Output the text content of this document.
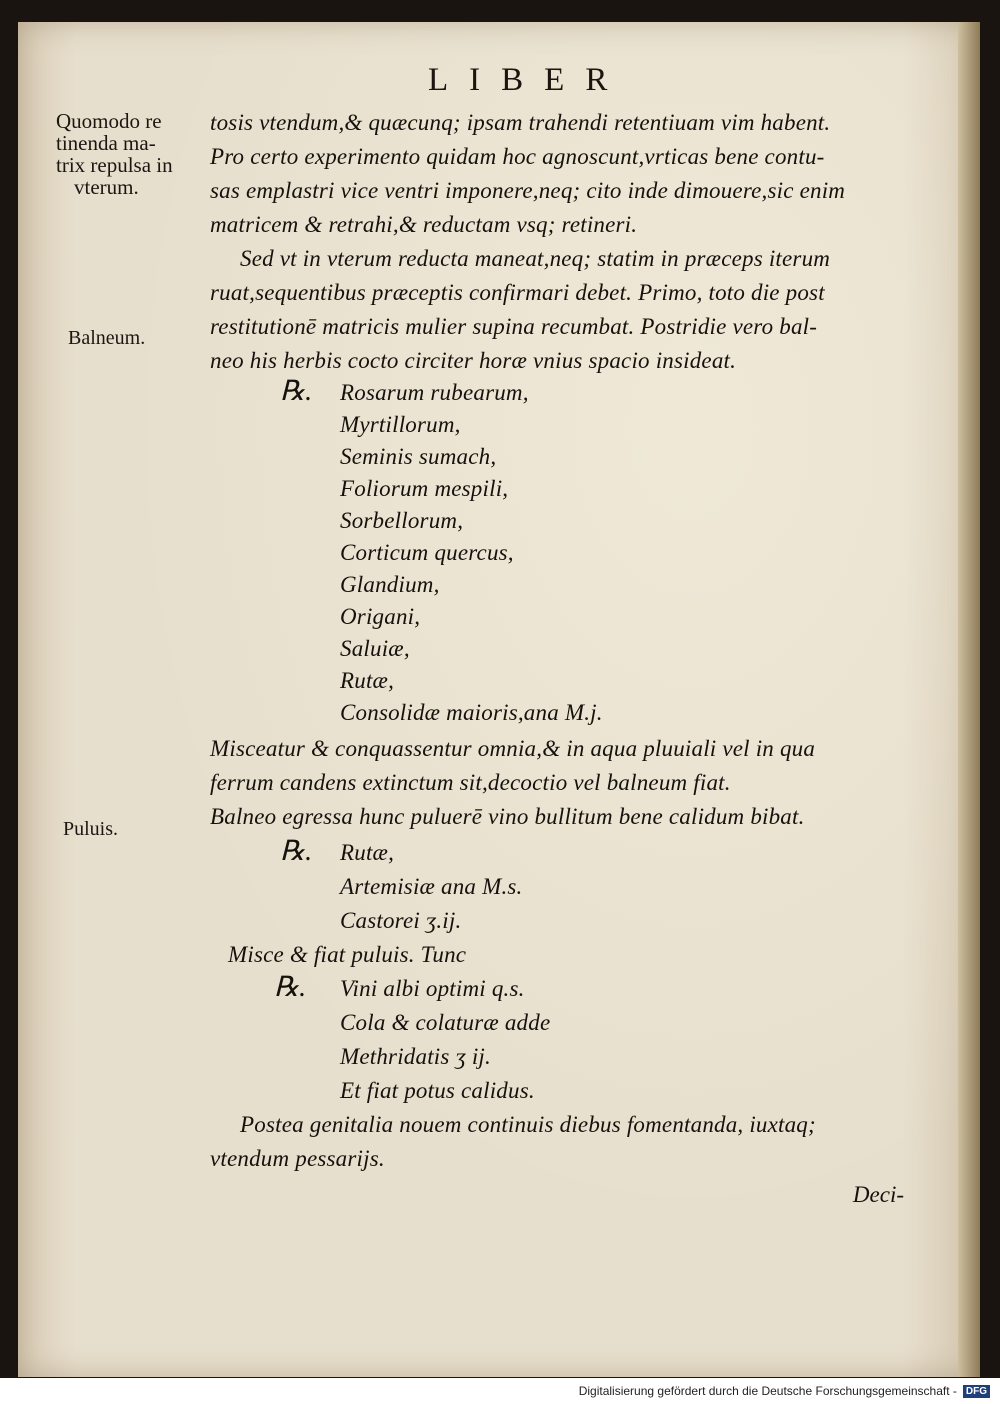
LIBER
Quomodo re
tinenda ma-
trix repulsa in
vterum.
Balneum.
Puluis.
tosis vtendum,& quæcunq; ipsam trahendi retentiuam vim habent.
Pro certo experimento quidam hoc agnoscunt,vrticas bene contu-
sas emplastri vice ventri imponere,neq; cito inde dimouere,sic enim
matricem & retrahi,& reductam vsq; retineri.
Sed vt in vterum reducta maneat,neq; statim in præceps iterum
ruat,sequentibus præceptis confirmari debet. Primo, toto die post
restitutionē matricis mulier supina recumbat. Postridie vero bal-
neo his herbis cocto circiter horæ vnius spacio insideat.
℞. Rosarum rubearum,
Myrtillorum,
Seminis sumach,
Foliorum mespili,
Sorbellorum,
Corticum quercus,
Glandium,
Origani,
Saluiæ,
Rutæ,
Consolidæ maioris,ana M.j.
Misceatur & conquassentur omnia,& in aqua pluuiali vel in qua
ferrum candens extinctum sit,decoctio vel balneum fiat.
Balneo egressa hunc puluerē vino bullitum bene calidum bibat.
℞. Rutæ,
Artemisiæ ana M.s.
Castorei ʒ.ij.
Misce & fiat puluis. Tunc
℞. Vini albi optimi q.s.
Cola & colaturæ adde
Methridatis ʒ ij.
Et fiat potus calidus.
Postea genitalia nouem continuis diebus fomentanda, iuxtaq;
vtendum pessarijs.
Deci-
Digitalisierung gefördert durch die Deutsche Forschungsgemeinschaft - DFG
